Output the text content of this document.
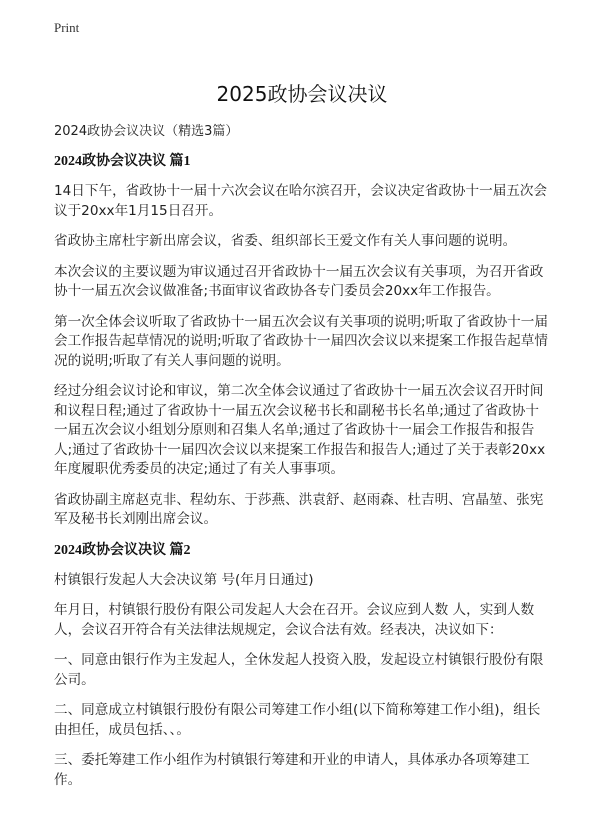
Print
2025政协会议决议
2024政协会议决议（精选3篇）
2024政协会议决议 篇1

14日下午，省政协十一届十六次会议在哈尔滨召开，会议决定省政协十一届五次会议于20xx年1月15日召开。

省政协主席杜宇新出席会议，省委、组织部长王爱文作有关人事问题的说明。

本次会议的主要议题为审议通过召开省政协十一届五次会议有关事项，为召开省政协十一届五次会议做准备;书面审议省政协各专门委员会20xx年工作报告。

第一次全体会议听取了省政协十一届五次会议有关事项的说明;听取了省政协十一届会工作报告起草情况的说明;听取了省政协十一届四次会议以来提案工作报告起草情况的说明;听取了有关人事问题的说明。

经过分组会议讨论和审议，第二次全体会议通过了省政协十一届五次会议召开时间和议程日程;通过了省政协十一届五次会议秘书长和副秘书长名单;通过了省政协十一届五次会议小组划分原则和召集人名单;通过了省政协十一届会工作报告和报告人;通过了省政协十一届四次会议以来提案工作报告和报告人;通过了关于表彰20xx年度履职优秀委员的决定;通过了有关人事事项。

省政协副主席赵克非、程幼东、于莎燕、洪袁舒、赵雨森、杜吉明、宫晶堃、张宪军及秘书长刘刚出席会议。

2024政协会议决议 篇2

村镇银行发起人大会决议第 号(年月日通过)

年月日，村镇银行股份有限公司发起人大会在召开。会议应到人数 人，实到人数 人，会议召开符合有关法律法规规定，会议合法有效。经表决，决议如下：

一、同意由银行作为主发起人，全休发起人投资入股，发起设立村镇银行股份有限公司。

二、同意成立村镇银行股份有限公司筹建工作小组(以下简称筹建工作小组)，组长由担任，成员包括、、。

三、委托筹建工作小组作为村镇银行筹建和开业的申请人，具体承办各项筹建工作。
